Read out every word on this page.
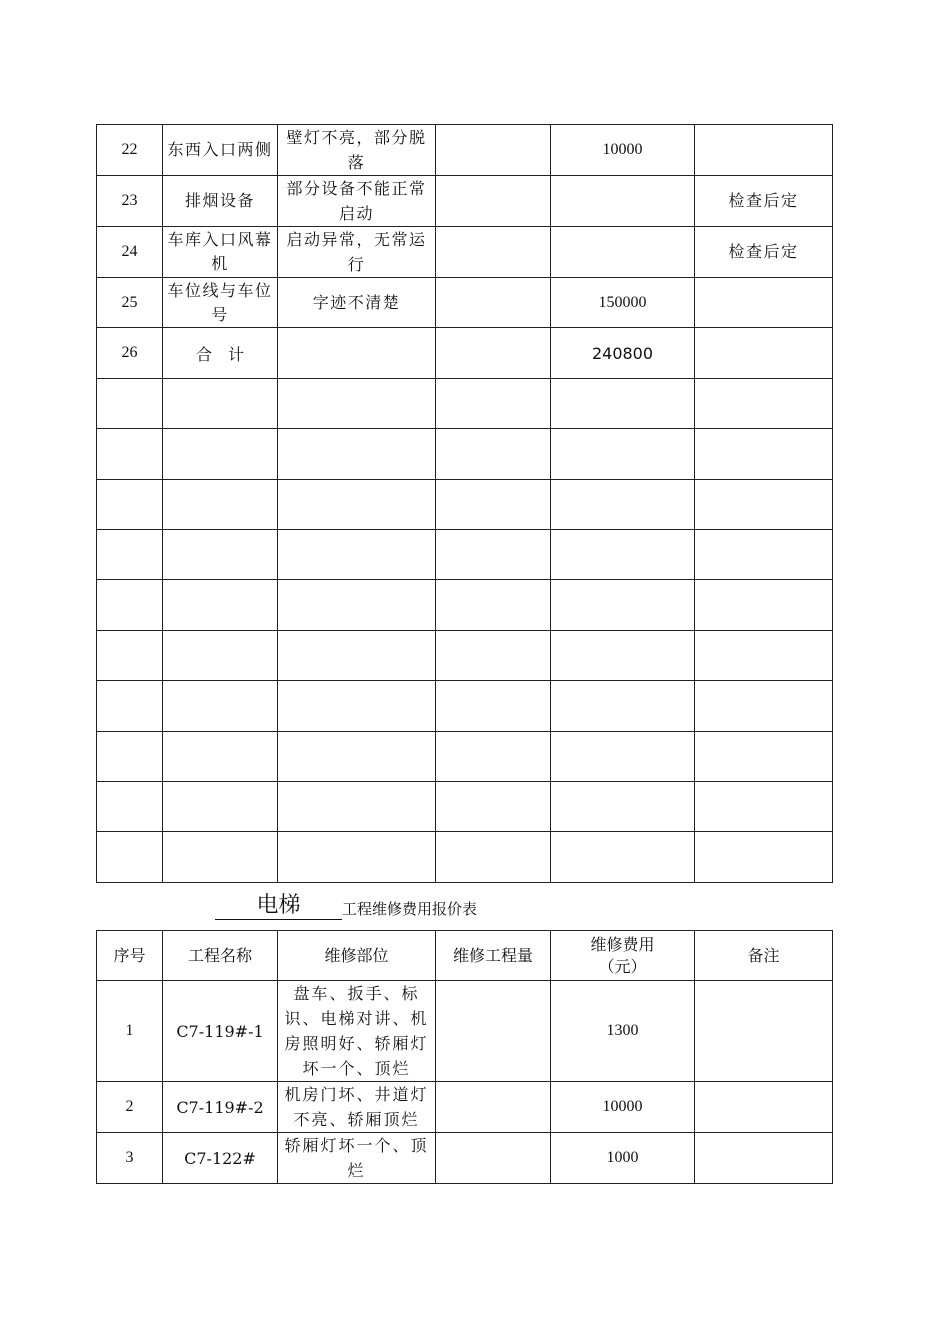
22	东西入口两侧	壁灯不亮，部分脱落		10000	
23	排烟设备	部分设备不能正常启动			检查后定
24	车库入口风幕机	启动异常，无常运行			检查后定
25	车位线与车位号	字迹不清楚		150000	
26	合　计			240800	

电梯	工程维修费用报价表
序号	工程名称	维修部位	维修工程量	维修费用（元）	备注
1	C7-119#-1	盘车、扳手、标识、电梯对讲、机房照明好、轿厢灯坏一个、顶烂		1300	
2	C7-119#-2	机房门坏、井道灯不亮、轿厢顶烂		10000	
3	C7-122#	轿厢灯坏一个、顶烂		1000	
